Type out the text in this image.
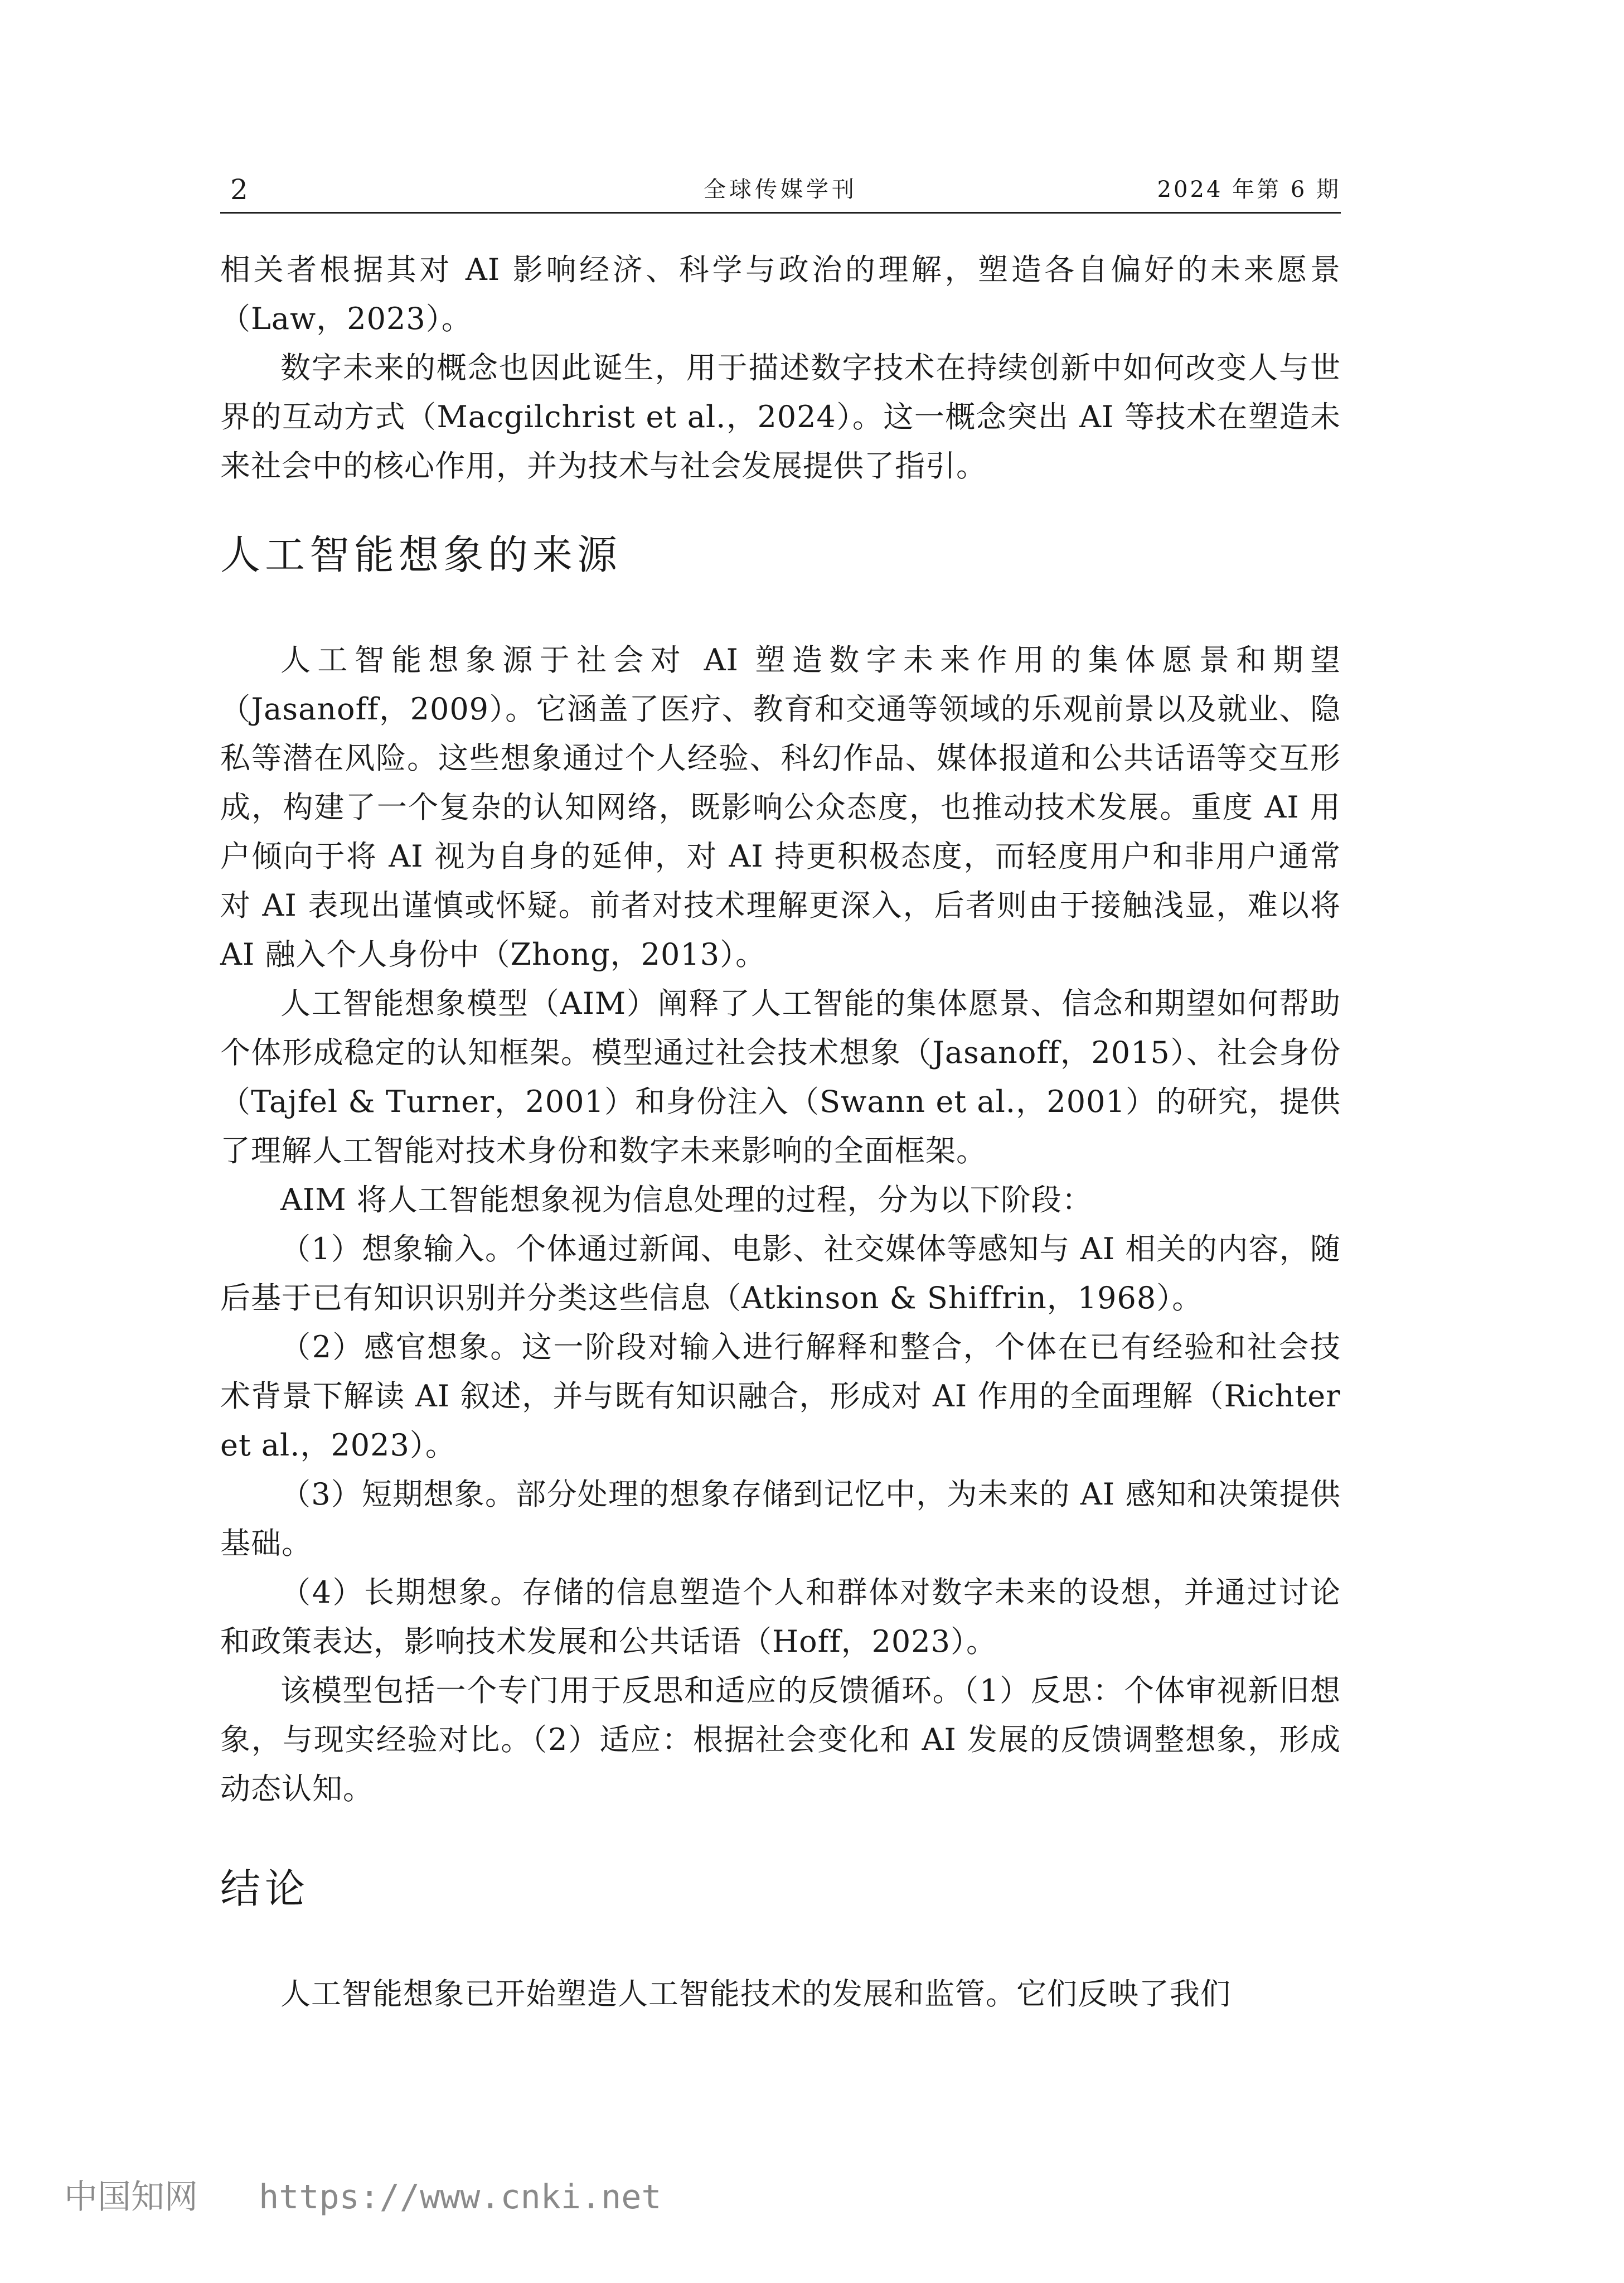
2	全球传媒学刊	2024 年第 6 期

相关者根据其对 AI 影响经济、科学与政治的理解，塑造各自偏好的未来愿景（Law，2023）。

数字未来的概念也因此诞生，用于描述数字技术在持续创新中如何改变人与世界的互动方式（Macgilchrist et al.，2024）。这一概念突出 AI 等技术在塑造未来社会中的核心作用，并为技术与社会发展提供了指引。

人工智能想象的来源

人工智能想象源于社会对 AI 塑造数字未来作用的集体愿景和期望（Jasanoff，2009）。它涵盖了医疗、教育和交通等领域的乐观前景以及就业、隐私等潜在风险。这些想象通过个人经验、科幻作品、媒体报道和公共话语等交互形成，构建了一个复杂的认知网络，既影响公众态度，也推动技术发展。重度 AI 用户倾向于将 AI 视为自身的延伸，对 AI 持更积极态度，而轻度用户和非用户通常对 AI 表现出谨慎或怀疑。前者对技术理解更深入，后者则由于接触浅显，难以将 AI 融入个人身份中（Zhong，2013）。

人工智能想象模型（AIM）阐释了人工智能的集体愿景、信念和期望如何帮助个体形成稳定的认知框架。模型通过社会技术想象（Jasanoff，2015）、社会身份（Tajfel & Turner，2001）和身份注入（Swann et al.，2001）的研究，提供了理解人工智能对技术身份和数字未来影响的全面框架。

AIM 将人工智能想象视为信息处理的过程，分为以下阶段：

（1）想象输入。个体通过新闻、电影、社交媒体等感知与 AI 相关的内容，随后基于已有知识识别并分类这些信息（Atkinson & Shiffrin，1968）。

（2）感官想象。这一阶段对输入进行解释和整合，个体在已有经验和社会技术背景下解读 AI 叙述，并与既有知识融合，形成对 AI 作用的全面理解（Richter et al.，2023）。

（3）短期想象。部分处理的想象存储到记忆中，为未来的 AI 感知和决策提供基础。

（4）长期想象。存储的信息塑造个人和群体对数字未来的设想，并通过讨论和政策表达，影响技术发展和公共话语（Hoff，2023）。

该模型包括一个专门用于反思和适应的反馈循环。（1）反思：个体审视新旧想象，与现实经验对比。（2）适应：根据社会变化和 AI 发展的反馈调整想象，形成动态认知。

结论

人工智能想象已开始塑造人工智能技术的发展和监管。它们反映了我们

中国知网 https://www.cnki.net
